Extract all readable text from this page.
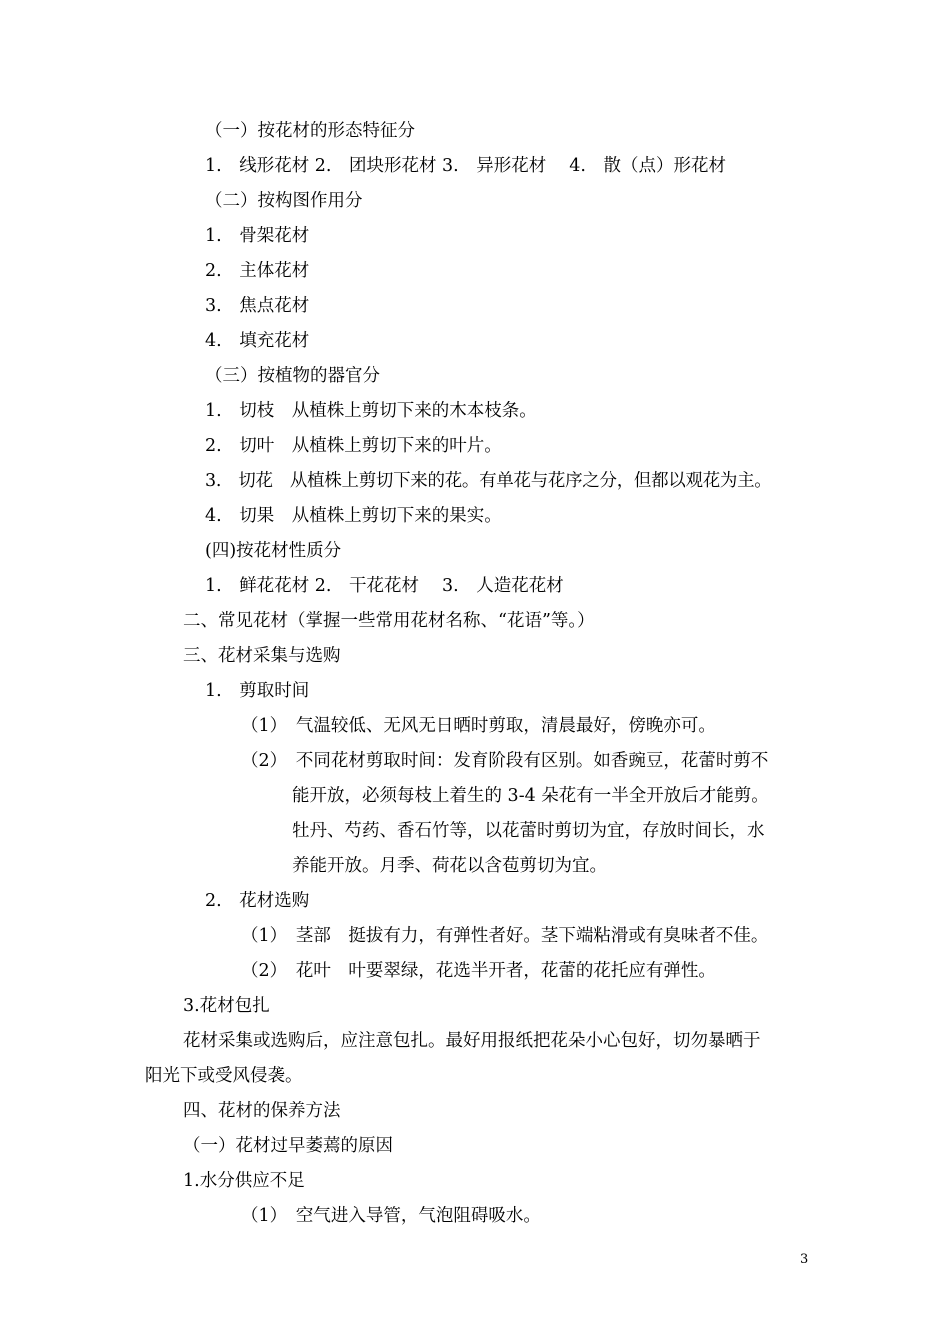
（一）按花材的形态特征分
1.　线形花材 2.　团块形花材 3.　异形花材　 4.　散（点）形花材
（二）按构图作用分
1.　骨架花材
2.　主体花材
3.　焦点花材
4.　填充花材
（三）按植物的器官分
1.　切枝　从植株上剪切下来的木本枝条。
2.　切叶　从植株上剪切下来的叶片。
3.　切花　从植株上剪切下来的花。有单花与花序之分，但都以观花为主。
4.　切果　从植株上剪切下来的果实。
(四)按花材性质分
1.　鲜花花材 2.　干花花材　 3.　人造花花材
二、常见花材（掌握一些常用花材名称、“花语”等。）
三、花材采集与选购
1.　剪取时间
（1）　气温较低、无风无日晒时剪取，清晨最好，傍晚亦可。
（2）　不同花材剪取时间：发育阶段有区别。如香豌豆，花蕾时剪不
能开放，必须每枝上着生的 3-4 朵花有一半全开放后才能剪。
牡丹、芍药、香石竹等，以花蕾时剪切为宜，存放时间长，水
养能开放。月季、荷花以含苞剪切为宜。
2.　花材选购
（1）　茎部　挺拔有力，有弹性者好。茎下端粘滑或有臭味者不佳。
（2）　花叶　叶要翠绿，花选半开者，花蕾的花托应有弹性。
3.花材包扎
花材采集或选购后，应注意包扎。最好用报纸把花朵小心包好，切勿暴晒于
阳光下或受风侵袭。
四、花材的保养方法
（一）花材过早萎蔫的原因
1.水分供应不足
（1）　空气进入导管，气泡阻碍吸水。
3
